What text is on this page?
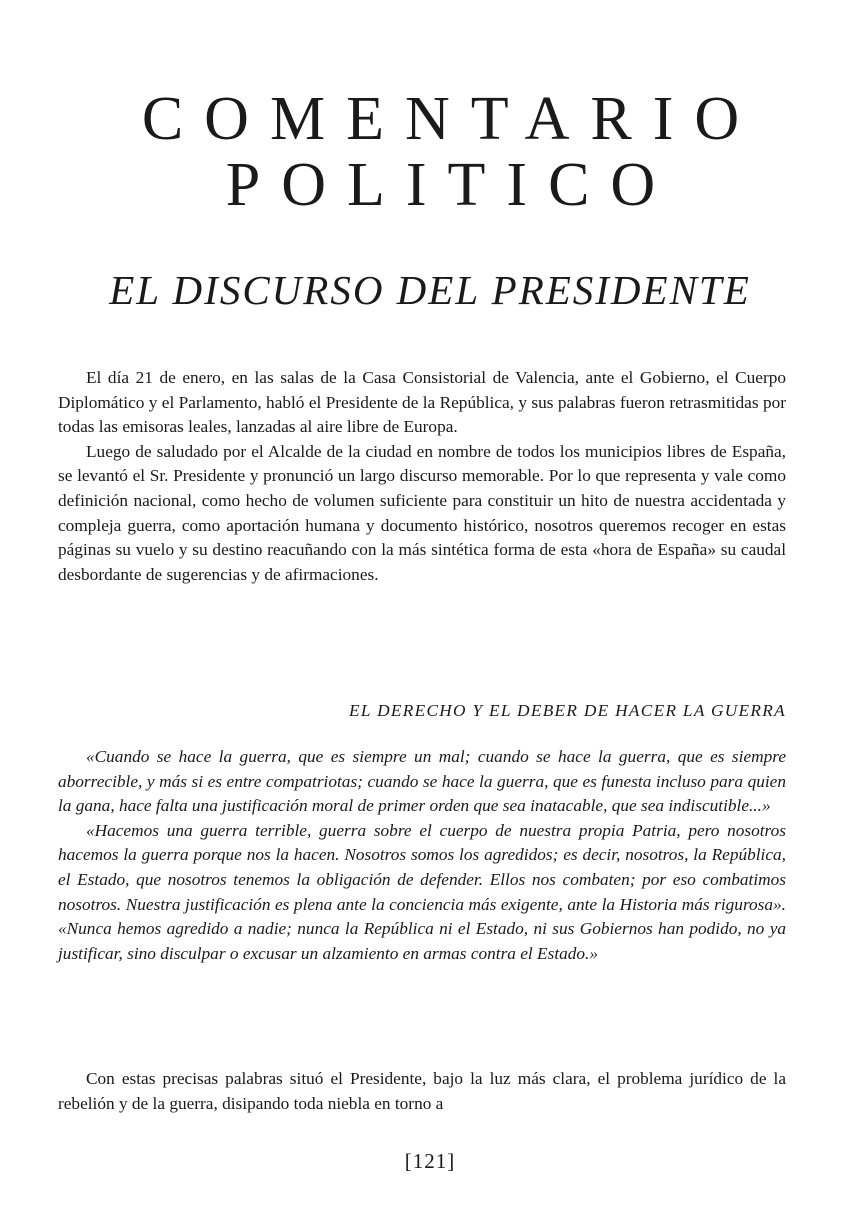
COMENTARIO
POLITICO
EL DISCURSO DEL PRESIDENTE

El día 21 de enero, en las salas de la Casa Consistorial de Valencia, ante el Gobierno, el Cuerpo Diplomático y el Parlamento, habló el Presidente de la República, y sus palabras fueron retrasmitidas por todas las emisoras leales, lanzadas al aire libre de Europa.

Luego de saludado por el Alcalde de la ciudad en nombre de todos los municipios libres de España, se levantó el Sr. Presidente y pronunció un largo discurso memorable. Por lo que representa y vale como definición nacional, como hecho de volumen suficiente para constituir un hito de nuestra accidentada y compleja guerra, como aportación humana y documento histórico, nosotros queremos recoger en estas páginas su vuelo y su destino reacuñando con la más sintética forma de esta «hora de España» su caudal desbordante de sugerencias y de afirmaciones.

EL DERECHO Y EL DEBER DE HACER LA GUERRA

«Cuando se hace la guerra, que es siempre un mal; cuando se hace la guerra, que es siempre aborrecible, y más si es entre compatriotas; cuando se hace la guerra, que es funesta incluso para quien la gana, hace falta una justificación moral de primer orden que sea inatacable, que sea indiscutible...»

«Hacemos una guerra terrible, guerra sobre el cuerpo de nuestra propia Patria, pero nosotros hacemos la guerra porque nos la hacen. Nosotros somos los agredidos; es decir, nosotros, la República, el Estado, que nosotros tenemos la obligación de defender. Ellos nos combaten; por eso combatimos nosotros. Nuestra justificación es plena ante la conciencia más exigente, ante la Historia más rigurosa». «Nunca hemos agredido a nadie; nunca la República ni el Estado, ni sus Gobiernos han podido, no ya justificar, sino disculpar o excusar un alzamiento en armas contra el Estado.»

Con estas precisas palabras situó el Presidente, bajo la luz más clara, el problema jurídico de la rebelión y de la guerra, disipando toda niebla en torno a

[121]
